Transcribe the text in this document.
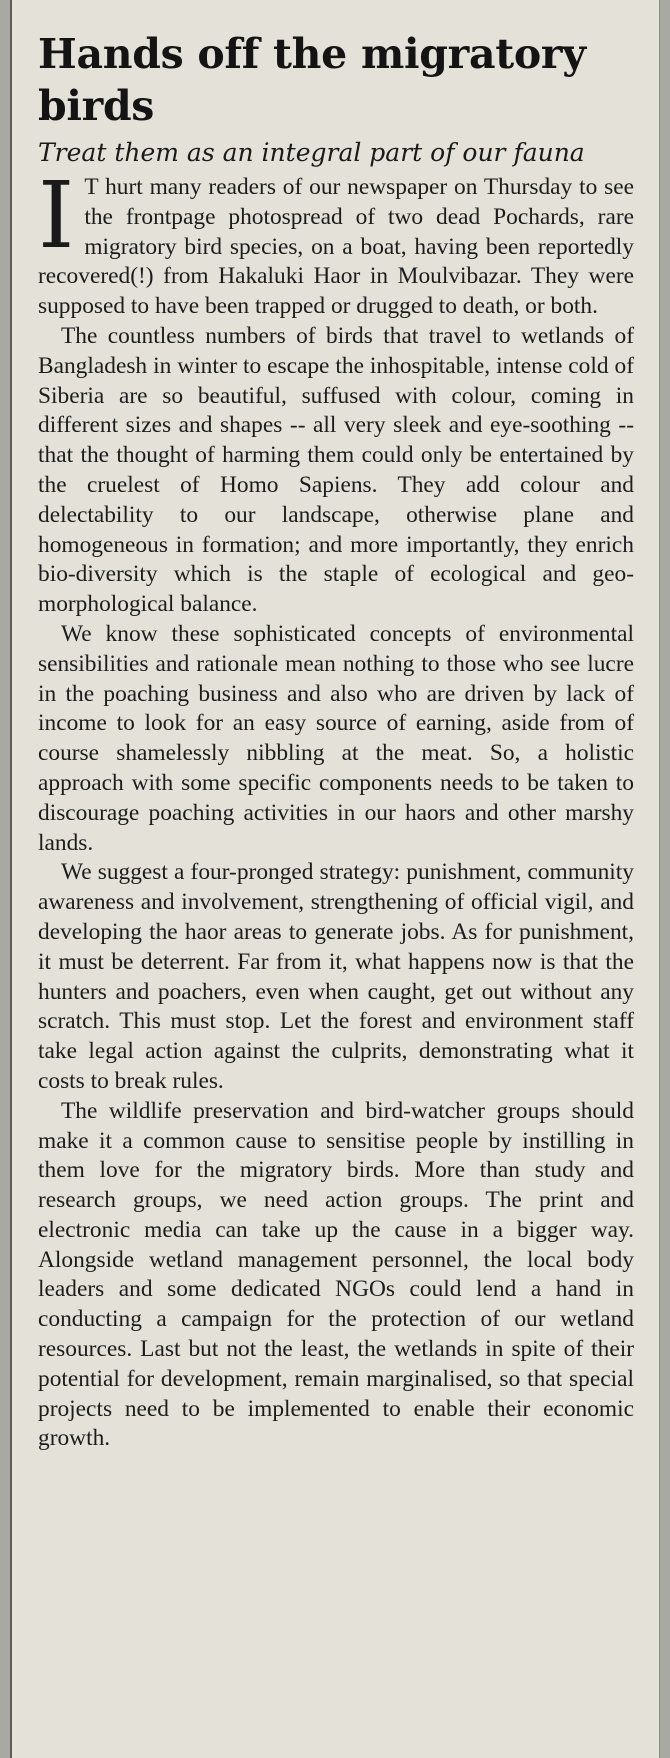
Hands off the migratory birds
Treat them as an integral part of our fauna

I T hurt many readers of our newspaper on Thursday to see the frontpage photospread of two dead Pochards, rare migratory bird species, on a boat, having been reportedly recovered(!) from Hakaluki Haor in Moulvibazar. They were supposed to have been trapped or drugged to death, or both.

The countless numbers of birds that travel to wetlands of Bangladesh in winter to escape the inhospitable, intense cold of Siberia are so beautiful, suffused with colour, coming in different sizes and shapes -- all very sleek and eye-soothing -- that the thought of harming them could only be entertained by the cruelest of Homo Sapiens. They add colour and delectability to our landscape, otherwise plane and homogeneous in formation; and more importantly, they enrich bio-diversity which is the staple of ecological and geo-morphological balance.

We know these sophisticated concepts of environmental sensibilities and rationale mean nothing to those who see lucre in the poaching business and also who are driven by lack of income to look for an easy source of earning, aside from of course shamelessly nibbling at the meat. So, a holistic approach with some specific components needs to be taken to discourage poaching activities in our haors and other marshy lands.

We suggest a four-pronged strategy: punishment, community awareness and involvement, strengthening of official vigil, and developing the haor areas to generate jobs. As for punishment, it must be deterrent. Far from it, what happens now is that the hunters and poachers, even when caught, get out without any scratch. This must stop. Let the forest and environment staff take legal action against the culprits, demonstrating what it costs to break rules.

The wildlife preservation and bird-watcher groups should make it a common cause to sensitise people by instilling in them love for the migratory birds. More than study and research groups, we need action groups. The print and electronic media can take up the cause in a bigger way. Alongside wetland management personnel, the local body leaders and some dedicated NGOs could lend a hand in conducting a campaign for the protection of our wetland resources. Last but not the least, the wetlands in spite of their potential for development, remain marginalised, so that special projects need to be implemented to enable their economic growth.
